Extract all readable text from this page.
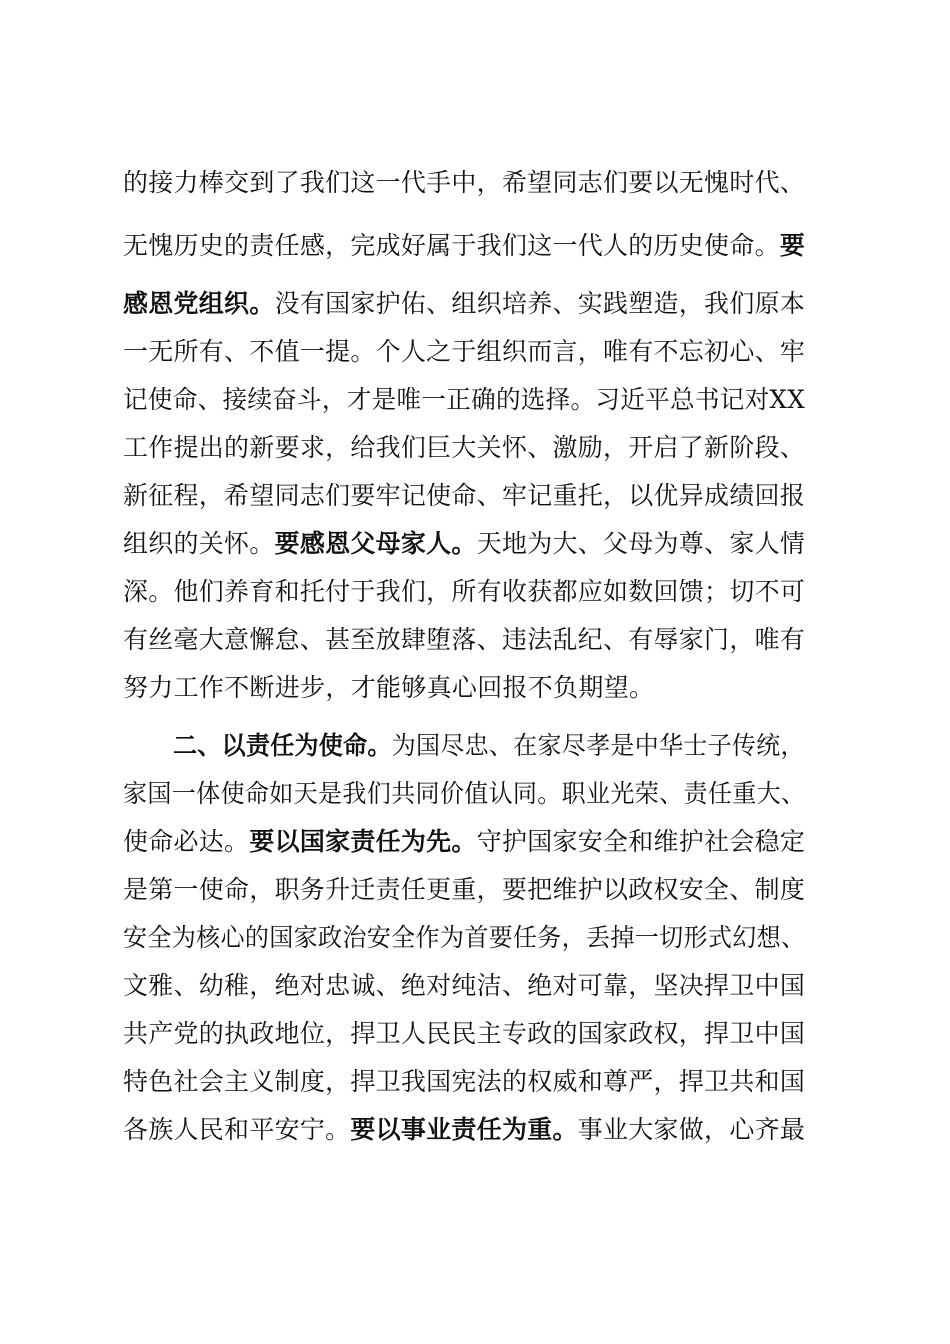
的接力棒交到了我们这一代手中，希望同志们要以无愧时代、
无愧历史的责任感，完成好属于我们这一代人的历史使命。要
感恩党组织。没有国家护佑、组织培养、实践塑造，我们原本
一无所有、不值一提。个人之于组织而言，唯有不忘初心、牢
记使命、接续奋斗，才是唯一正确的选择。习近平总书记对XX
工作提出的新要求，给我们巨大关怀、激励，开启了新阶段、
新征程，希望同志们要牢记使命、牢记重托，以优异成绩回报
组织的关怀。要感恩父母家人。天地为大、父母为尊、家人情
深。他们养育和托付于我们，所有收获都应如数回馈；切不可
有丝毫大意懈怠、甚至放肆堕落、违法乱纪、有辱家门，唯有
努力工作不断进步，才能够真心回报不负期望。
二、以责任为使命。为国尽忠、在家尽孝是中华士子传统，
家国一体使命如天是我们共同价值认同。职业光荣、责任重大、
使命必达。要以国家责任为先。守护国家安全和维护社会稳定
是第一使命，职务升迁责任更重，要把维护以政权安全、制度
安全为核心的国家政治安全作为首要任务，丢掉一切形式幻想、
文雅、幼稚，绝对忠诚、绝对纯洁、绝对可靠，坚决捍卫中国
共产党的执政地位，捍卫人民民主专政的国家政权，捍卫中国
特色社会主义制度，捍卫我国宪法的权威和尊严，捍卫共和国
各族人民和平安宁。要以事业责任为重。事业大家做，心齐最
